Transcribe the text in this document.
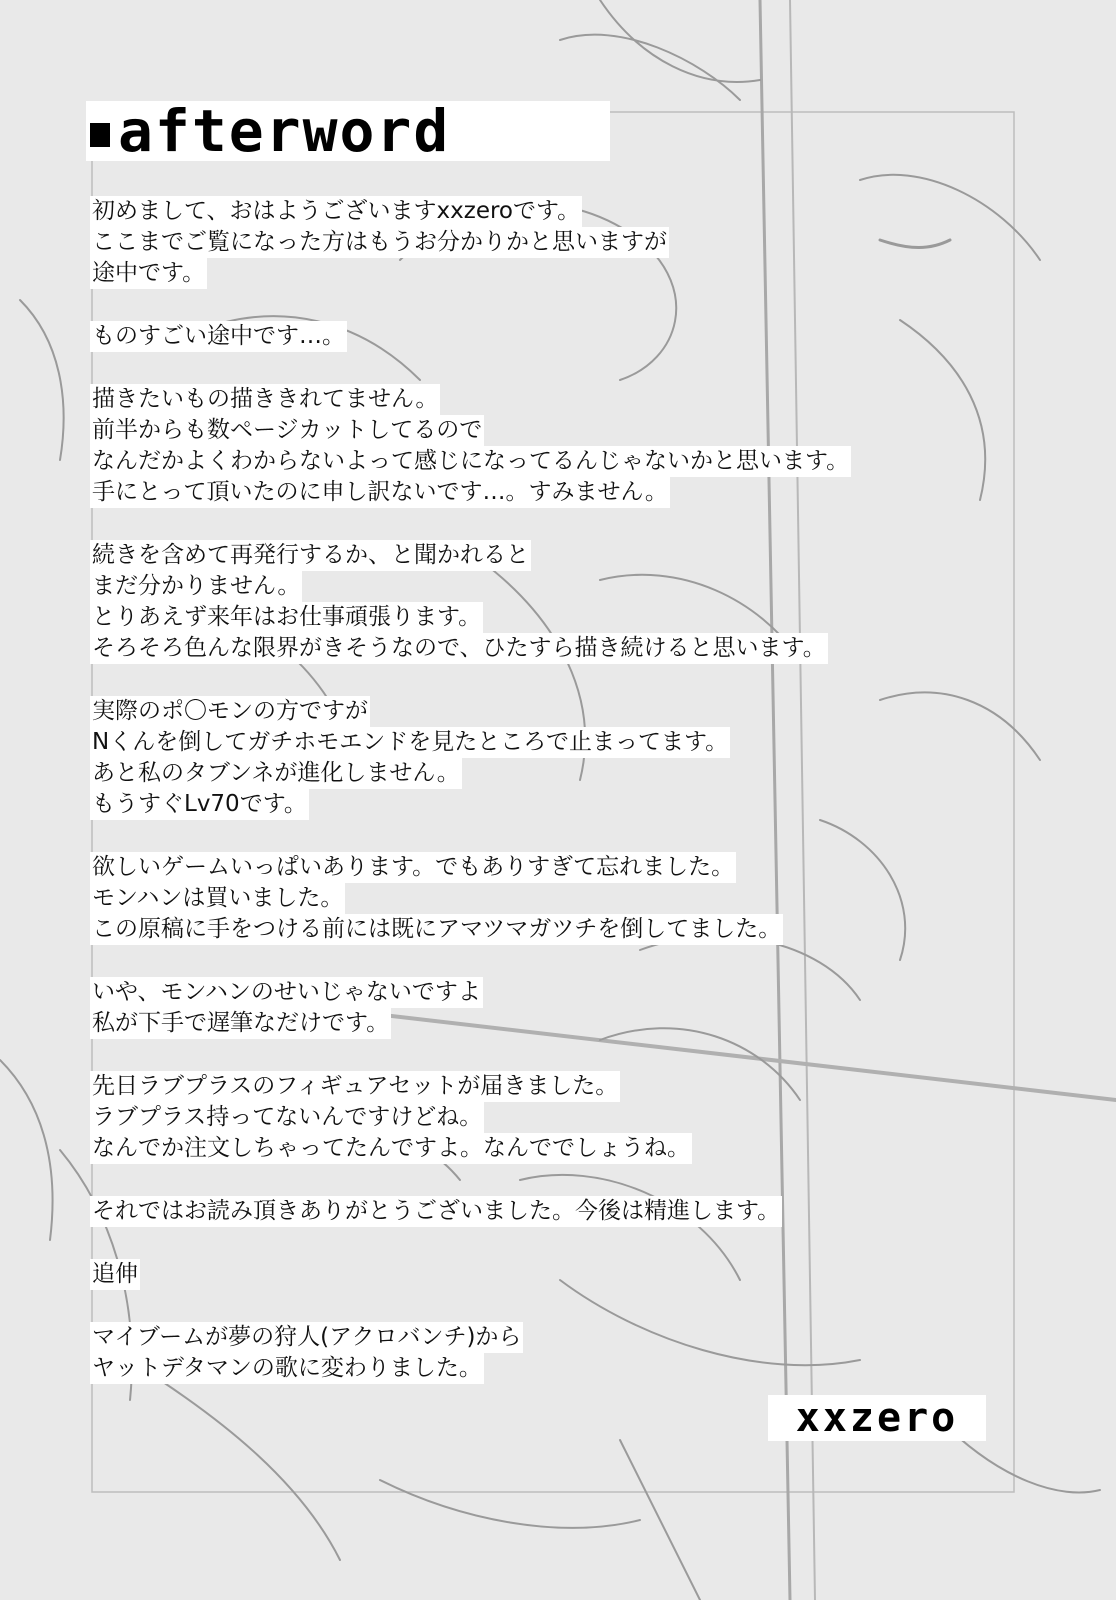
afterword
初めまして、おはようございますxxzeroです。
ここまでご覧になった方はもうお分かりかと思いますが
途中です。
ものすごい途中です…。
描きたいもの描ききれてません。
前半からも数ページカットしてるので
なんだかよくわからないよって感じになってるんじゃないかと思います。
手にとって頂いたのに申し訳ないです…。すみません。
続きを含めて再発行するか、と聞かれると
まだ分かりません。
とりあえず来年はお仕事頑張ります。
そろそろ色んな限界がきそうなので、ひたすら描き続けると思います。
実際のポ〇モンの方ですが
Nくんを倒してガチホモエンドを見たところで止まってます。
あと私のタブンネが進化しません。
もうすぐLv70です。
欲しいゲームいっぱいあります。でもありすぎて忘れました。
モンハンは買いました。
この原稿に手をつける前には既にアマツマガツチを倒してました。
いや、モンハンのせいじゃないですよ
私が下手で遅筆なだけです。
先日ラブプラスのフィギュアセットが届きました。
ラブプラス持ってないんですけどね。
なんでか注文しちゃってたんですよ。なんででしょうね。
それではお読み頂きありがとうございました。今後は精進します。
追伸
マイブームが夢の狩人(アクロバンチ)から
ヤットデタマンの歌に変わりました。
xxzero
